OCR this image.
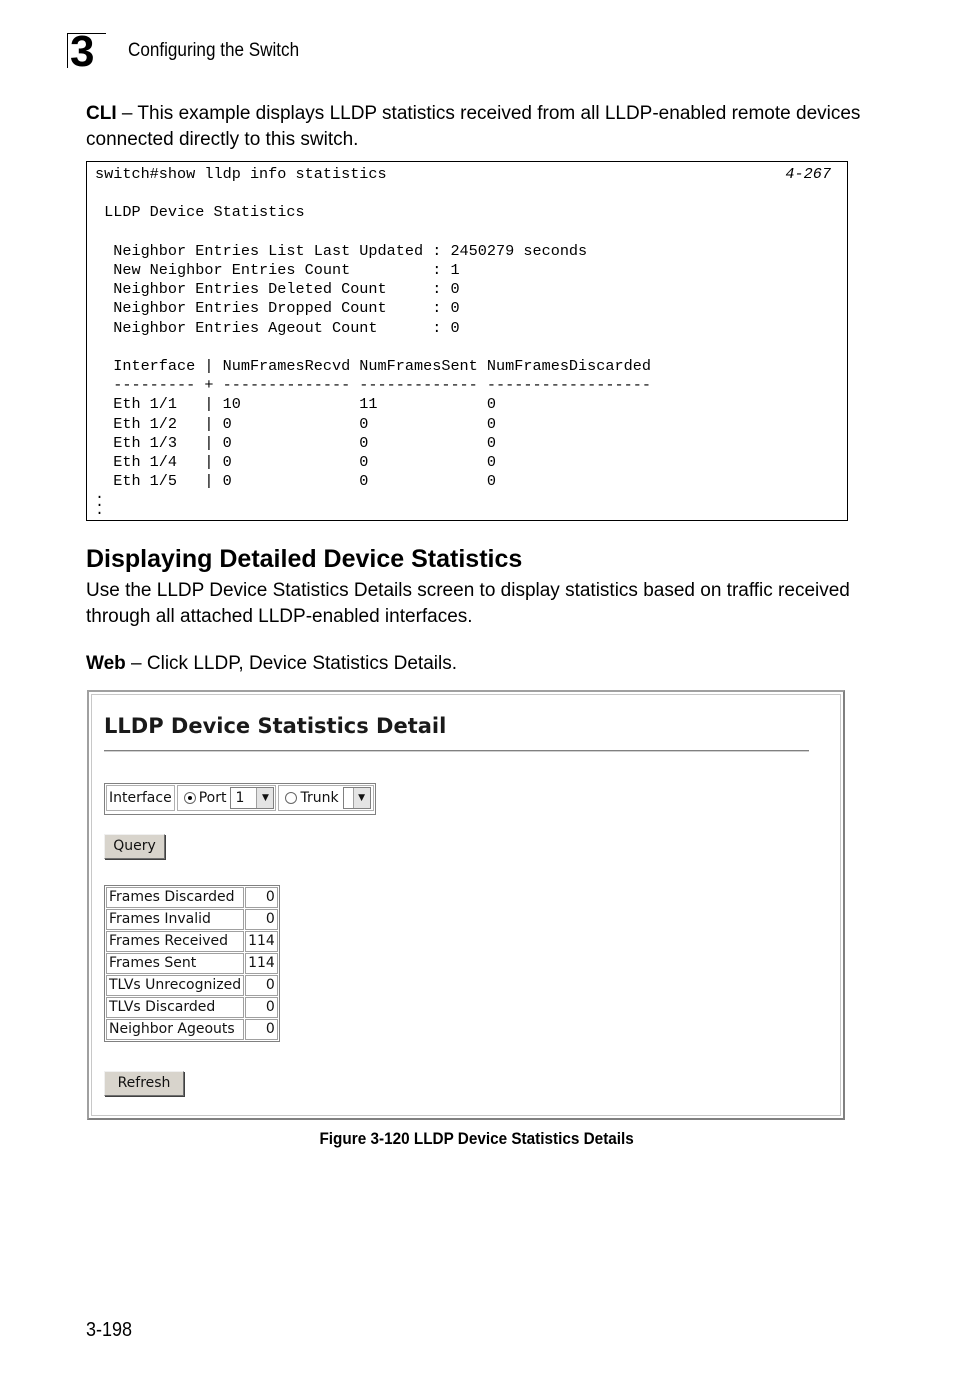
3 Configuring the Switch
CLI – This example displays LLDP statistics received from all LLDP-enabled remote devices connected directly to this switch.
switch#show lldp info statistics

LLDP Device Statistics

Neighbor Entries List Last Updated : 2450279 seconds
New Neighbor Entries Count         : 1
Neighbor Entries Deleted Count     : 0
Neighbor Entries Dropped Count     : 0
Neighbor Entries Ageout Count      : 0

Interface | NumFramesRecvd NumFramesSent NumFramesDiscarded
--------- + -------------- ------------- ------------------
Eth 1/1   | 10             11            0
Eth 1/2   | 0              0             0
Eth 1/3   | 0              0             0
Eth 1/4   | 0              0             0
Eth 1/5   | 0              0             0
4-267
.
.
.
Displaying Detailed Device Statistics
Use the LLDP Device Statistics Details screen to display statistics based on traffic received through all attached LLDP-enabled interfaces.
Web – Click LLDP, Device Statistics Details.
LLDP Device Statistics Detail
Interface Port 1	▼	Trunk	▼
Query
Frames Discarded	0
Frames Invalid	0
Frames Received	114
Frames Sent	114
TLVs Unrecognized	0
TLVs Discarded	0
Neighbor Ageouts	0
Refresh
Figure 3-120 LLDP Device Statistics Details
3-198
